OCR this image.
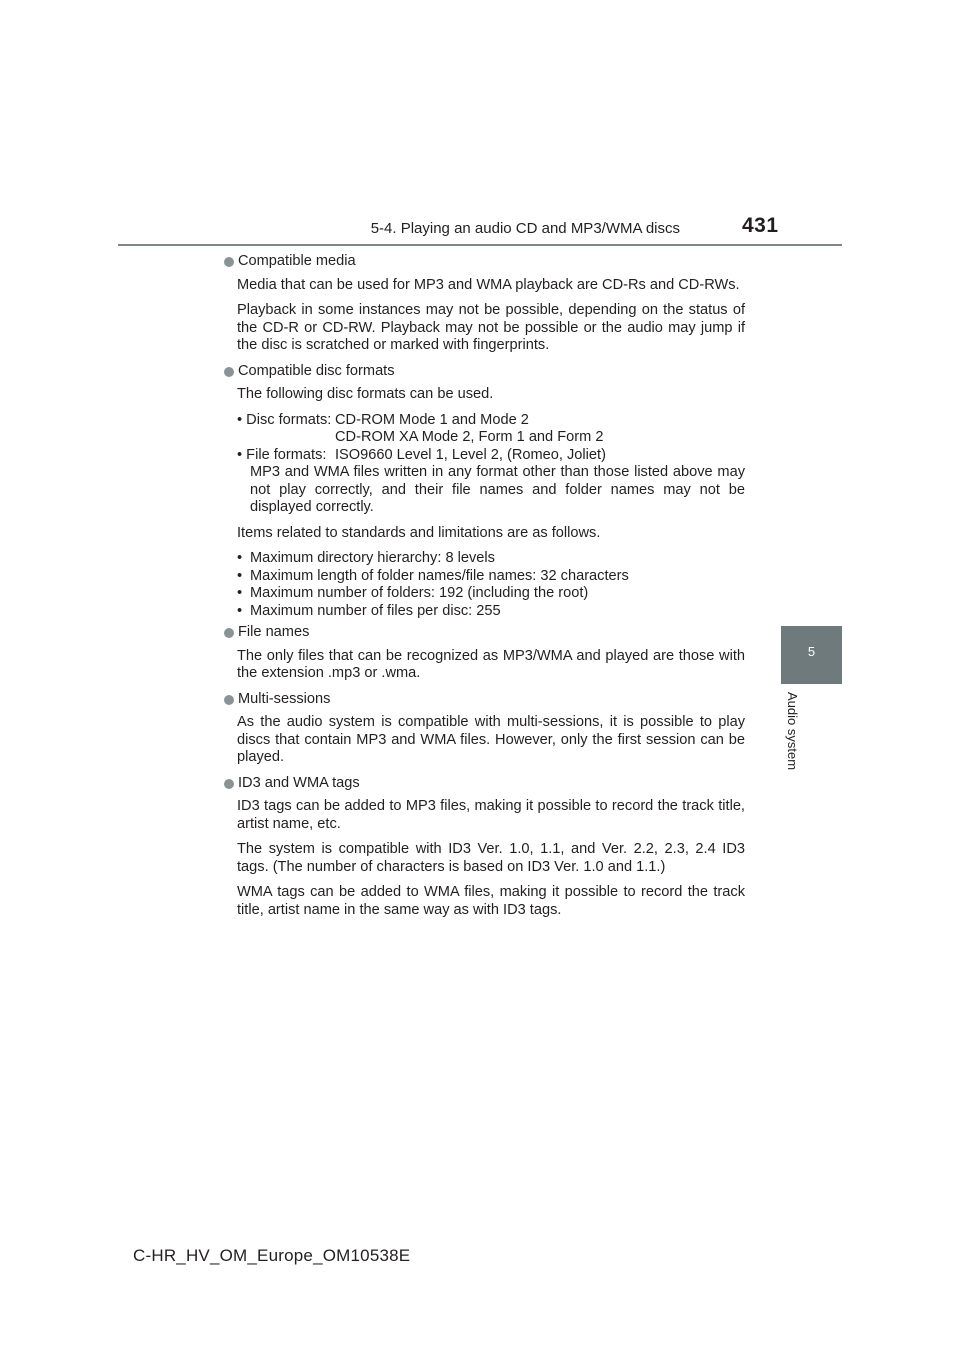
5-4. Playing an audio CD and MP3/WMA discs	431
5
Audio system
Compatible media

Media that can be used for MP3 and WMA playback are CD-Rs and CD-RWs.

Playback in some instances may not be possible, depending on the status of the CD-R or CD-RW. Playback may not be possible or the audio may jump if the disc is scratched or marked with fingerprints.

Compatible disc formats

The following disc formats can be used.

• Disc formats: CD-ROM Mode 1 and Mode 2
CD-ROM XA Mode 2, Form 1 and Form 2
• File formats: ISO9660 Level 1, Level 2, (Romeo, Joliet)
MP3 and WMA files written in any format other than those listed above may not play correctly, and their file names and folder names may not be displayed correctly.

Items related to standards and limitations are as follows.

• Maximum directory hierarchy: 8 levels
• Maximum length of folder names/file names: 32 characters
• Maximum number of folders: 192 (including the root)
• Maximum number of files per disc: 255
File names

The only files that can be recognized as MP3/WMA and played are those with the extension .mp3 or .wma.

Multi-sessions

As the audio system is compatible with multi-sessions, it is possible to play discs that contain MP3 and WMA files. However, only the first session can be played.

ID3 and WMA tags

ID3 tags can be added to MP3 files, making it possible to record the track title, artist name, etc.

The system is compatible with ID3 Ver. 1.0, 1.1, and Ver. 2.2, 2.3, 2.4 ID3 tags. (The number of characters is based on ID3 Ver. 1.0 and 1.1.)

WMA tags can be added to WMA files, making it possible to record the track title, artist name in the same way as with ID3 tags.

C-HR_HV_OM_Europe_OM10538E
